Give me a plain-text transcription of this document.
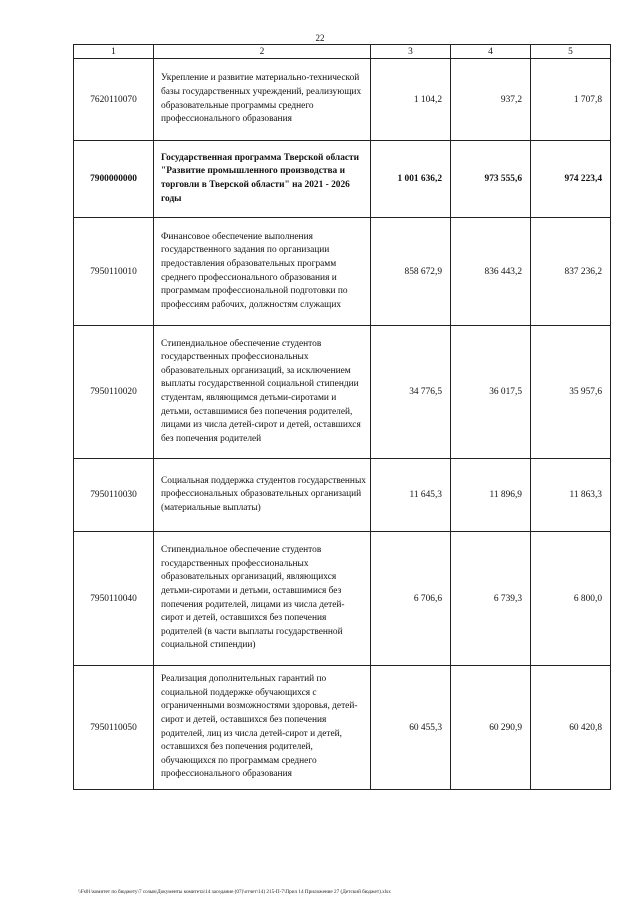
22
1	2	3	4	5
7620110070	Укрепление и развитие материально-технической базы государственных учреждений, реализующих образовательные программы среднего профессионального образования	1 104,2	937,2	1 707,8
7900000000	Государственная программа Тверской области "Развитие промышленного производства и торговли в Тверской области" на 2021 - 2026 годы	1 001 636,2	973 555,6	974 223,4
7950110010	Финансовое обеспечение выполнения государственного задания по организации предоставления образовательных программ среднего профессионального образования и программам профессиональной подготовки по профессиям рабочих, должностям служащих	858 672,9	836 443,2	837 236,2
7950110020	Стипендиальное обеспечение студентов государственных профессиональных образовательных организаций, за исключением выплаты государственной социальной стипендии студентам, являющимся детьми-сиротами и детьми, оставшимися без попечения родителей, лицами из числа детей-сирот и детей, оставшихся без попечения родителей	34 776,5	36 017,5	35 957,6
7950110030	Социальная поддержка студентов государственных профессиональных образовательных организаций (материальные выплаты)	11 645,3	11 896,9	11 863,3
7950110040	Стипендиальное обеспечение студентов государственных профессиональных образовательных организаций, являющихся детьми-сиротами и детьми, оставшимися без попечения родителей, лицами из числа детей-сирот и детей, оставшихся без попечения родителей (в части выплаты государственной социальной стипендии)	6 706,6	6 739,3	6 800,0
7950110050	Реализация дополнительных гарантий по социальной поддержке обучающихся с ограниченными возможностями здоровья, детей-сирот и детей, оставшихся без попечения родителей, лиц из числа детей-сирот и детей, оставшихся без попечения родителей, обучающихся по программам среднего профессионального образования	60 455,3	60 290,9	60 420,8
\\Fs01\комитет по бюджету\7 созыв\Документы комитета\14 заседание (07)\отчет\14) 215-П-7\Прил 14 Приложение 27 (Детский бюджет).xlsx
